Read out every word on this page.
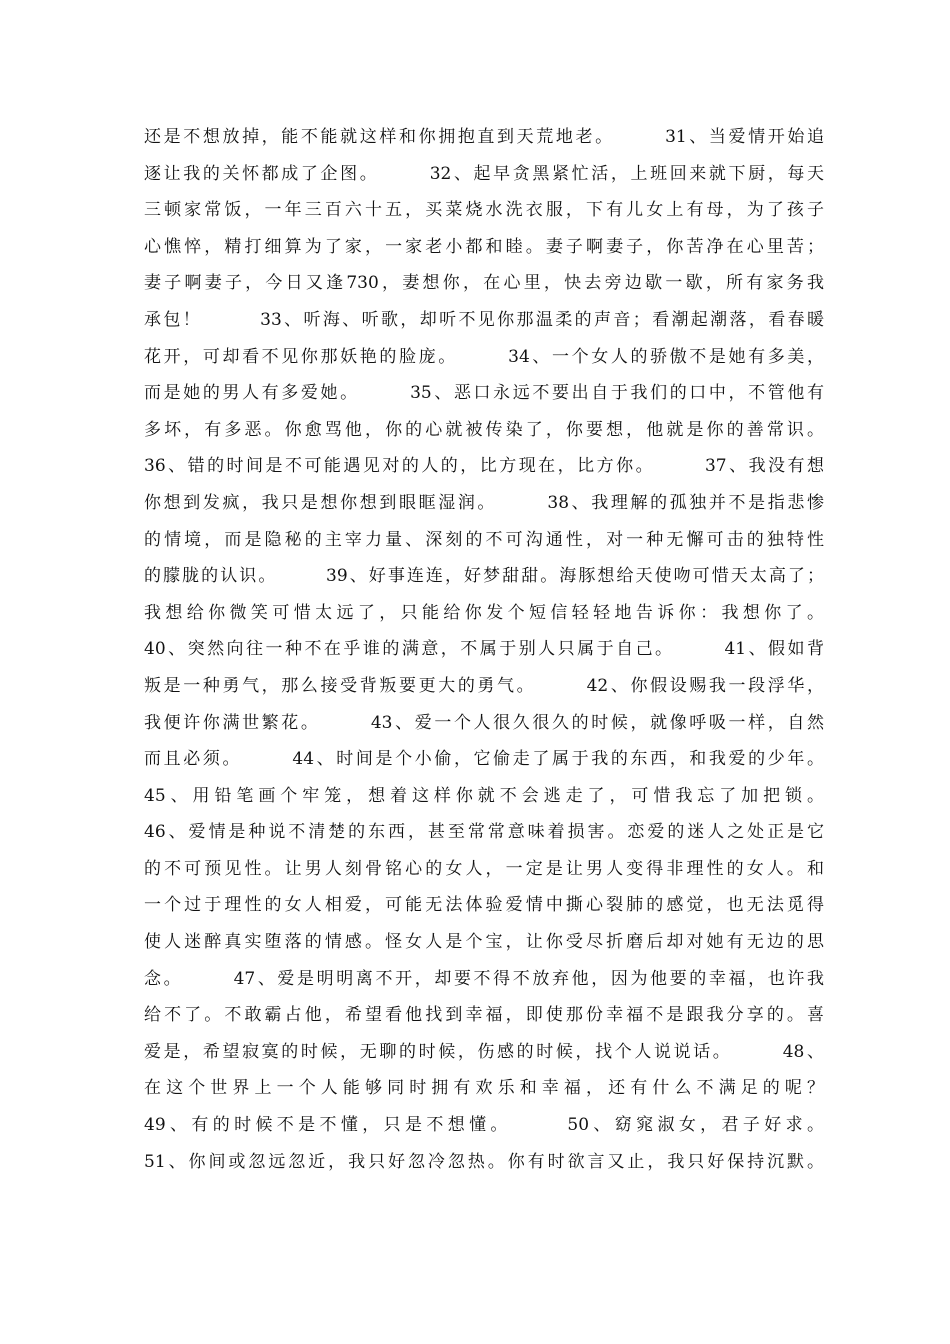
还是不想放掉，能不能就这样和你拥抱直到天荒地老。　　　31、当爱情开始追
逐让我的关怀都成了企图。　　　32、起早贪黑紧忙活，上班回来就下厨，每天
三顿家常饭，一年三百六十五，买菜烧水洗衣服，下有儿女上有母，为了孩子
心憔悴，精打细算为了家，一家老小都和睦。妻子啊妻子，你苦净在心里苦；
妻子啊妻子，今日又逢730，妻想你，在心里，快去旁边歇一歇，所有家务我
承包！　　　33、听海、听歌，却听不见你那温柔的声音；看潮起潮落，看春暖
花开，可却看不见你那妖艳的脸庞。　　　34、一个女人的骄傲不是她有多美，
而是她的男人有多爱她。　　　35、恶口永远不要出自于我们的口中，不管他有
多坏，有多恶。你愈骂他，你的心就被传染了，你要想，他就是你的善常识。
36、错的时间是不可能遇见对的人的，比方现在，比方你。　　　37、我没有想
你想到发疯，我只是想你想到眼眶湿润。　　　38、我理解的孤独并不是指悲惨
的情境，而是隐秘的主宰力量、深刻的不可沟通性，对一种无懈可击的独特性
的朦胧的认识。　　　39、好事连连，好梦甜甜。海豚想给天使吻可惜天太高了；
我想给你微笑可惜太远了，只能给你发个短信轻轻地告诉你：我想你了。
40、突然向往一种不在乎谁的满意，不属于别人只属于自己。　　　41、假如背
叛是一种勇气，那么接受背叛要更大的勇气。　　　42、你假设赐我一段浮华，
我便许你满世繁花。　　　43、爱一个人很久很久的时候，就像呼吸一样，自然
而且必须。　　　44、时间是个小偷，它偷走了属于我的东西，和我爱的少年。
45、用铅笔画个牢笼，想着这样你就不会逃走了，可惜我忘了加把锁。
46、爱情是种说不清楚的东西，甚至常常意味着损害。恋爱的迷人之处正是它
的不可预见性。让男人刻骨铭心的女人，一定是让男人变得非理性的女人。和
一个过于理性的女人相爱，可能无法体验爱情中撕心裂肺的感觉，也无法觅得
使人迷醉真实堕落的情感。怪女人是个宝，让你受尽折磨后却对她有无边的思
念。　　　47、爱是明明离不开，却要不得不放弃他，因为他要的幸福，也许我
给不了。不敢霸占他，希望看他找到幸福，即使那份幸福不是跟我分享的。喜
爱是，希望寂寞的时候，无聊的时候，伤感的时候，找个人说说话。　　　48、
在这个世界上一个人能够同时拥有欢乐和幸福，还有什么不满足的呢？
49、有的时候不是不懂，只是不想懂。　　　50、窈窕淑女，君子好求。
51、你间或忽远忽近，我只好忽冷忽热。你有时欲言又止，我只好保持沉默。
